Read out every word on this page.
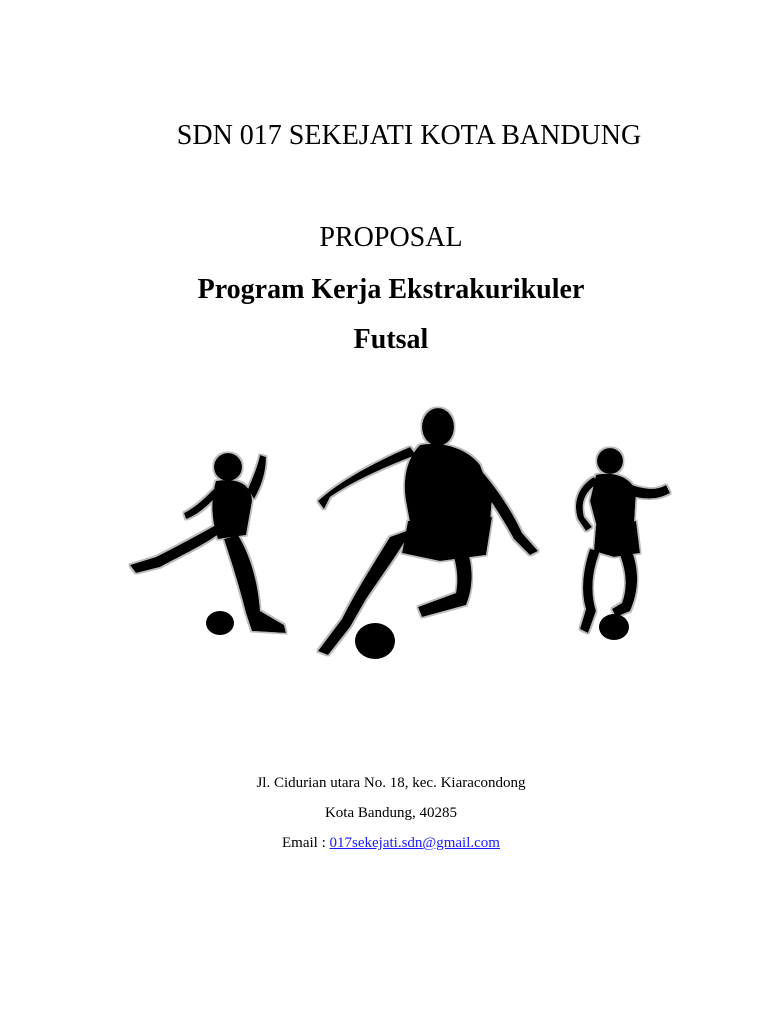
SDN 017 SEKEJATI KOTA BANDUNG
PROPOSAL
Program Kerja Ekstrakurikuler
Futsal
Jl. Cidurian utara No. 18, kec. Kiaracondong
Kota Bandung, 40285
Email : 017sekejati.sdn@gmail.com
